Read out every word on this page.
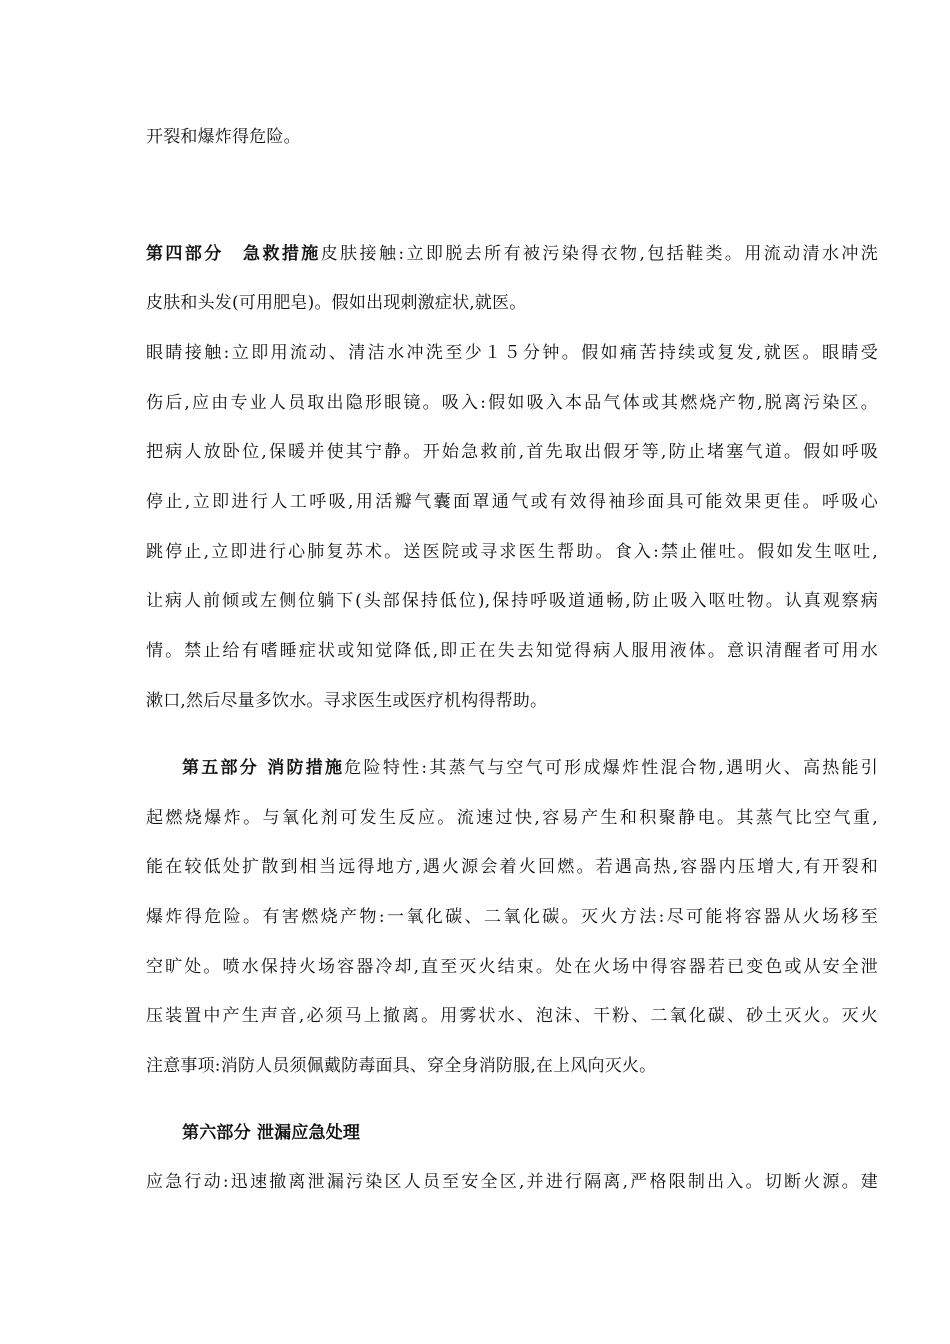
开裂和爆炸得危险。
第四部分　急救措施皮肤接触:立即脱去所有被污染得衣物,包括鞋类。用流动清水冲洗
皮肤和头发(可用肥皂)。假如出现刺激症状,就医。
眼睛接触:立即用流动、清洁水冲洗至少１５分钟。假如痛苦持续或复发,就医。眼睛受
伤后,应由专业人员取出隐形眼镜。吸入:假如吸入本品气体或其燃烧产物,脱离污染区。
把病人放卧位,保暖并使其宁静。开始急救前,首先取出假牙等,防止堵塞气道。假如呼吸
停止,立即进行人工呼吸,用活瓣气囊面罩通气或有效得袖珍面具可能效果更佳。呼吸心
跳停止,立即进行心肺复苏术。送医院或寻求医生帮助。食入:禁止催吐。假如发生呕吐,
让病人前倾或左侧位躺下(头部保持低位),保持呼吸道通畅,防止吸入呕吐物。认真观察病
情。禁止给有嗜睡症状或知觉降低,即正在失去知觉得病人服用液体。意识清醒者可用水
漱口,然后尽量多饮水。寻求医生或医疗机构得帮助。
第五部分 消防措施危险特性:其蒸气与空气可形成爆炸性混合物,遇明火、高热能引
起燃烧爆炸。与氧化剂可发生反应。流速过快,容易产生和积聚静电。其蒸气比空气重,
能在较低处扩散到相当远得地方,遇火源会着火回燃。若遇高热,容器内压增大,有开裂和
爆炸得危险。有害燃烧产物:一氧化碳、二氧化碳。灭火方法:尽可能将容器从火场移至
空旷处。喷水保持火场容器冷却,直至灭火结束。处在火场中得容器若已变色或从安全泄
压装置中产生声音,必须马上撤离。用雾状水、泡沫、干粉、二氧化碳、砂土灭火。灭火
注意事项:消防人员须佩戴防毒面具、穿全身消防服,在上风向灭火。
第六部分 泄漏应急处理
应急行动:迅速撤离泄漏污染区人员至安全区,并进行隔离,严格限制出入。切断火源。建
